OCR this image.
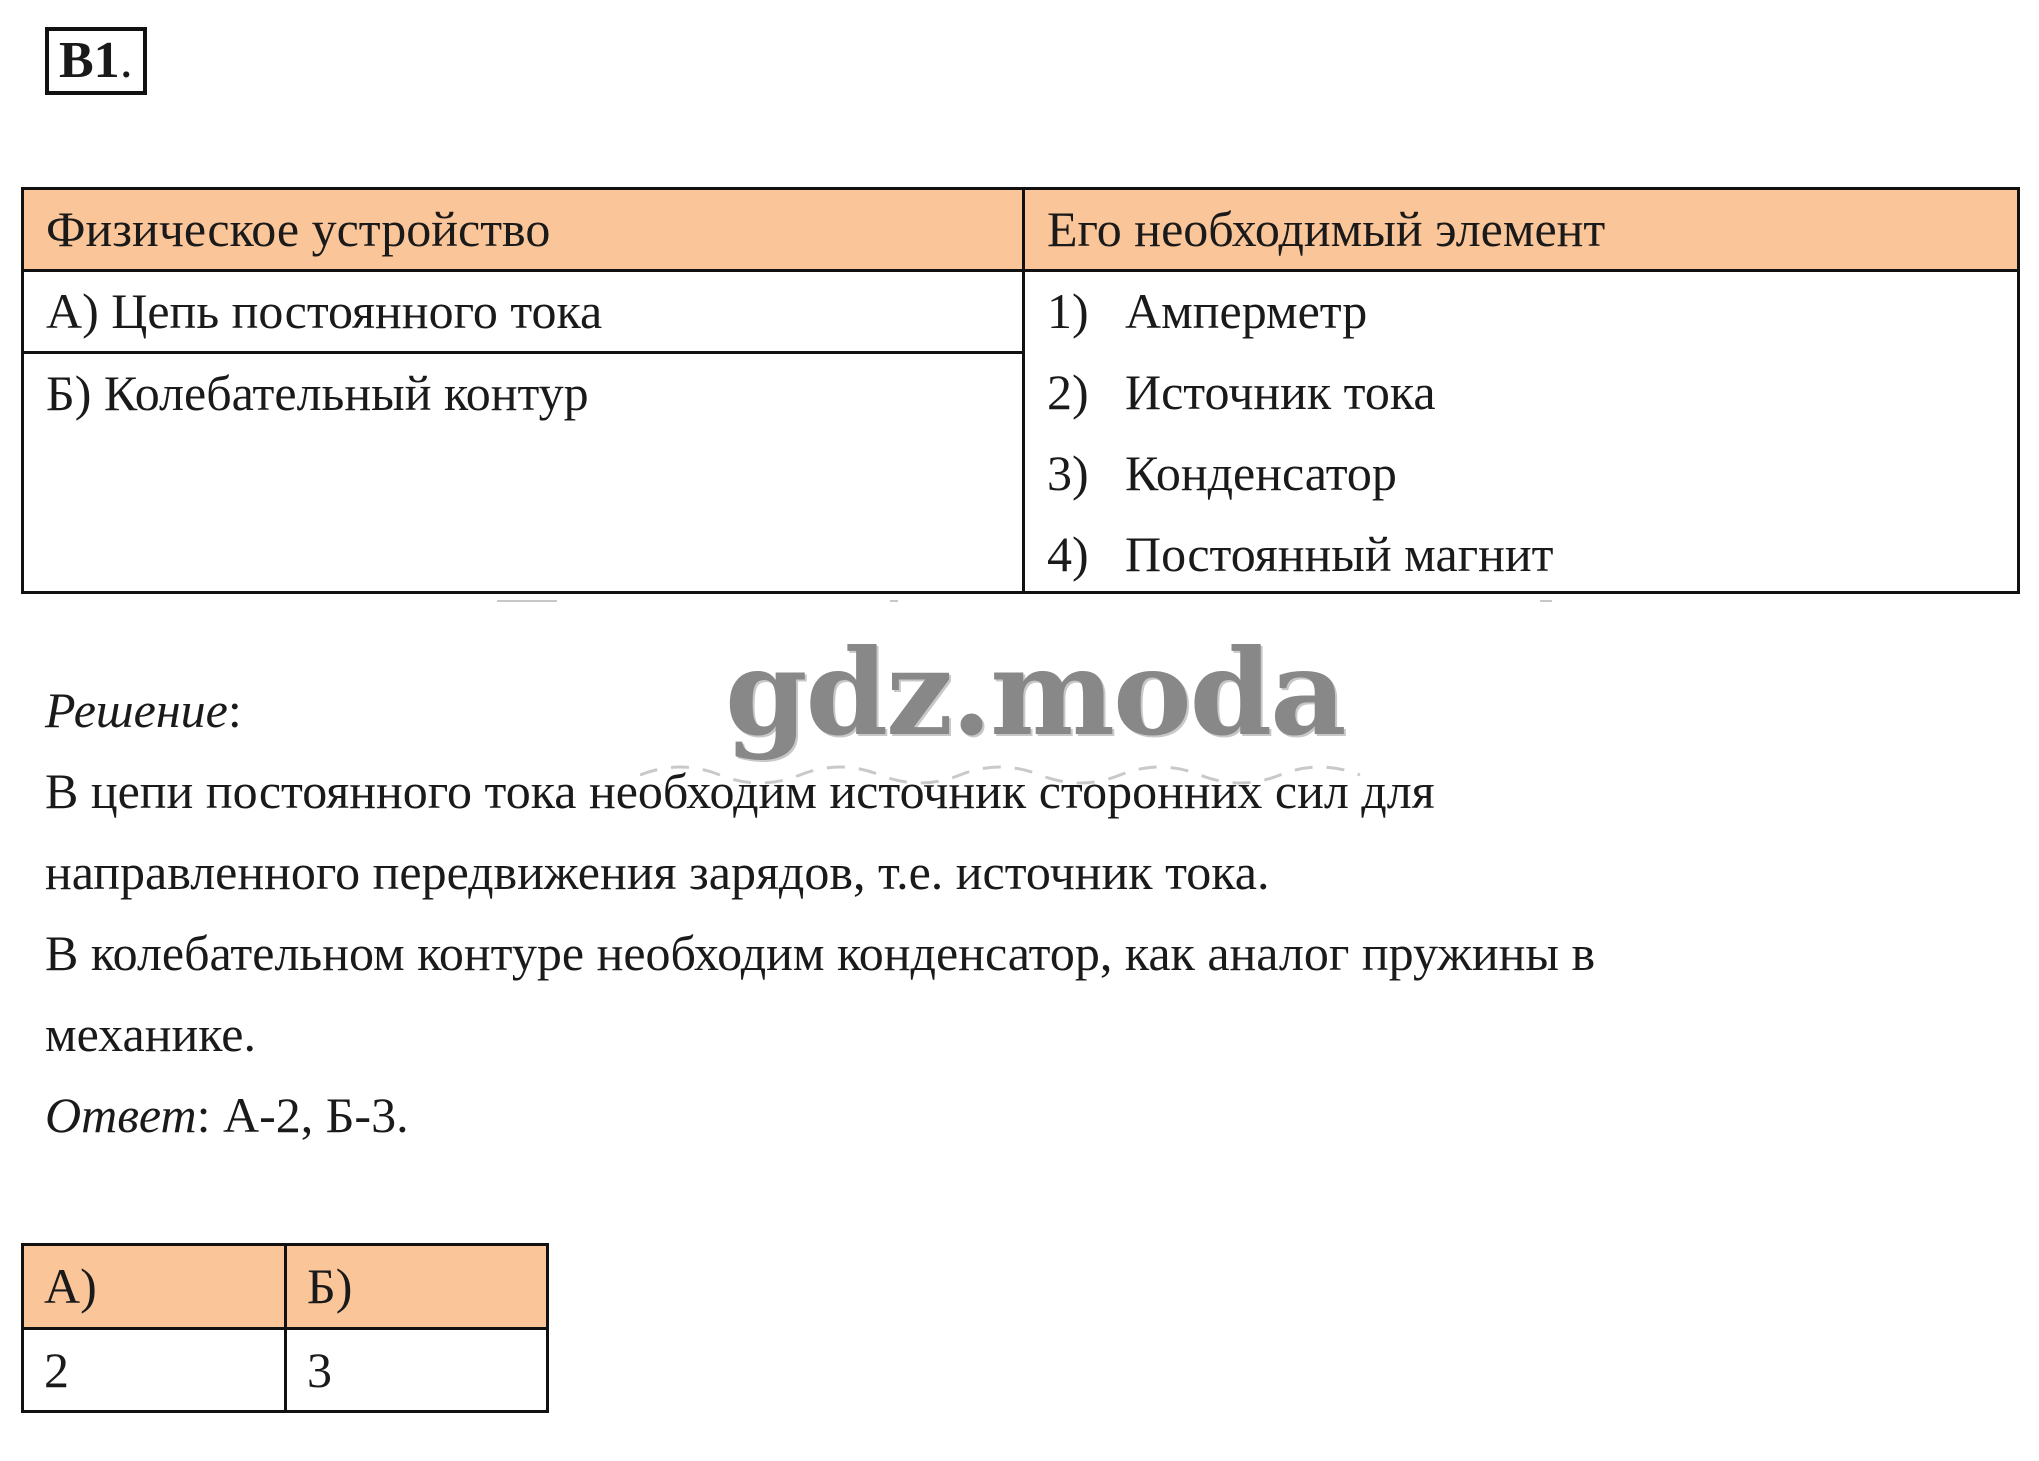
В1.
Физическое устройство	Его необходимый элемент
А) Цепь постоянного тока	1) Амперметр
2) Источник тока
3) Конденсатор
4) Постоянный магнит
Б) Колебательный контур
Решение:
В цепи постоянного тока необходим источник сторонних сил для
направленного передвижения зарядов, т.е. источник тока.
В колебательном контуре необходим конденсатор, как аналог пружины в
механике.
Ответ: А-2, Б-3.
gdz.moda
А)	Б)
2	3
